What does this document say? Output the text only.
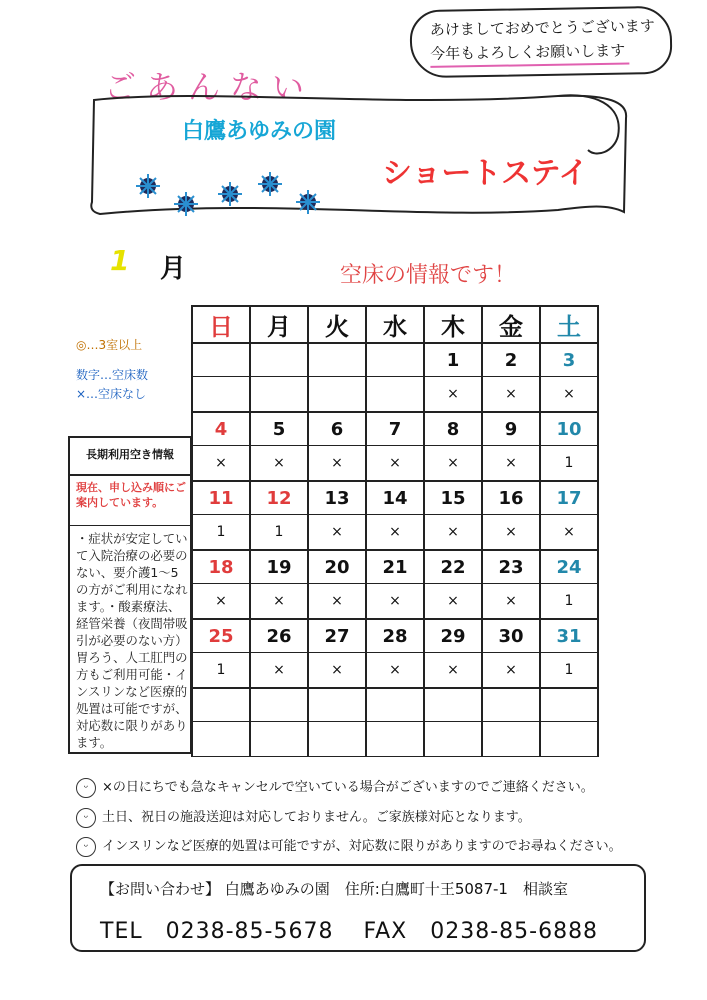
あけましておめでとうございます
今年もよろしくお願いします
ごあんない
白鷹あゆみの園
ショートステイ
1 月	空床の情報です！
◎…3室以上
数字…空床数
×…空床なし
日	月	火	水	木	金	土
				1	2	3
				×	×	×
4	5	6	7	8	9	10
×	×	×	×	×	×	1
11	12	13	14	15	16	17
1	1	×	×	×	×	×
18	19	20	21	22	23	24
×	×	×	×	×	×	1
25	26	27	28	29	30	31
1	×	×	×	×	×	1

長期利用空き情報
現在、申し込み順にご案内しています。
・症状が安定していて入院治療の必要のない、要介護1〜5の方がご利用になれます。・酸素療法、経管栄養（夜間帯吸引が必要のない方）胃ろう、人工肛門の方もご利用可能・インスリンなど医療的処置は可能ですが、対応数に限りがあります。
ᵕ ×の日にちでも急なキャンセルで空いている場合がございますのでご連絡ください。
ᵕ 土日、祝日の施設送迎は対応しておりません。ご家族様対応となります。
ᵕ インスリンなど医療的処置は可能ですが、対応数に限りがありますのでお尋ねください。
【お問い合わせ】 白鷹あゆみの園　住所:白鷹町十王5087-1　相談室
TEL　0238-85-5678 FAX　0238-85-6888
